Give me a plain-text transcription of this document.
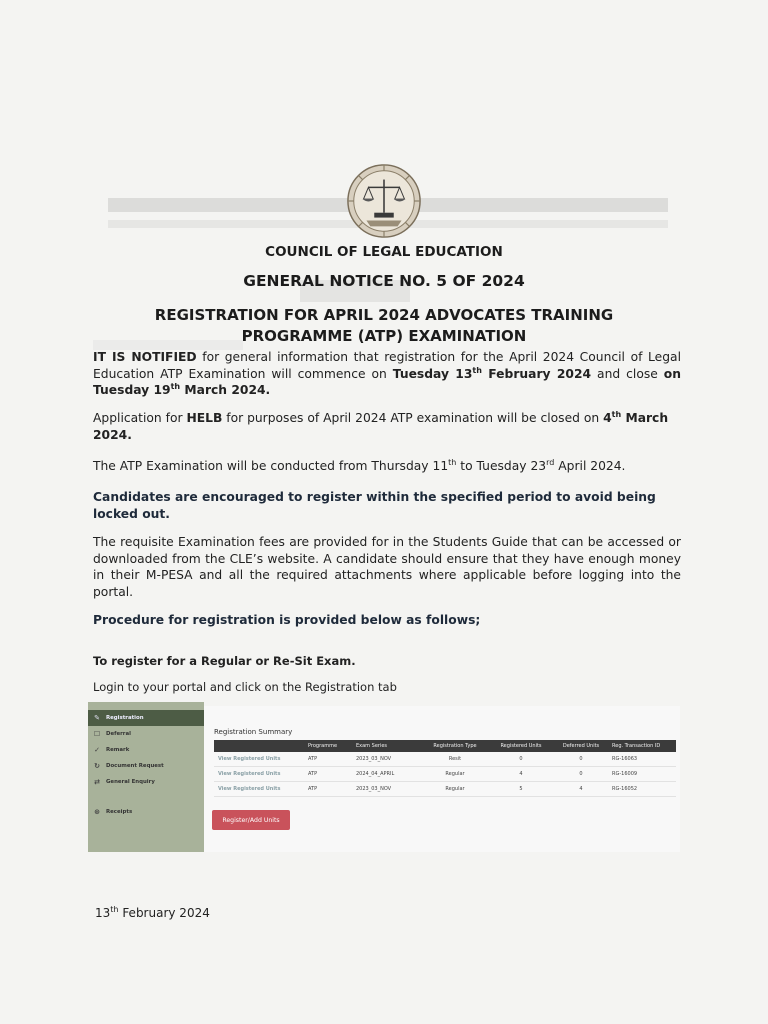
COUNCIL OF LEGAL EDUCATION
GENERAL NOTICE NO. 5 OF 2024
REGISTRATION FOR APRIL 2024 ADVOCATES TRAINING PROGRAMME (ATP) EXAMINATION
IT IS NOTIFIED for general information that registration for the April 2024 Council of Legal Education ATP Examination will commence on Tuesday 13th February 2024 and close on Tuesday 19th March 2024.
Application for HELB for purposes of April 2024 ATP examination will be closed on 4th March 2024.
The ATP Examination will be conducted from Thursday 11th to Tuesday 23rd April 2024.
Candidates are encouraged to register within the specified period to avoid being locked out.
The requisite Examination fees are provided for in the Students Guide that can be accessed or downloaded from the CLE’s website. A candidate should ensure that they have enough money in their M-PESA and all the required attachments where applicable before logging into the portal.
Procedure for registration is provided below as follows;
To register for a Regular or Re-Sit Exam.
Login to your portal and click on the Registration tab
✎	Registration
☐	Deferral
✓	Remark
↻	Document Request
⇄	General Enquiry
⊛	Receipts
Registration Summary
	Programme	Exam Series	Registration Type	Registered Units	Deferred Units	Reg. Transaction ID
View Registered Units	ATP	2023_03_NOV	Resit	0	0	RG-16063
View Registered Units	ATP	2024_04_APRIL	Regular	4	0	RG-16009
View Registered Units	ATP	2023_03_NOV	Regular	5	4	RG-16052
Register/Add Units
13th February 2024
